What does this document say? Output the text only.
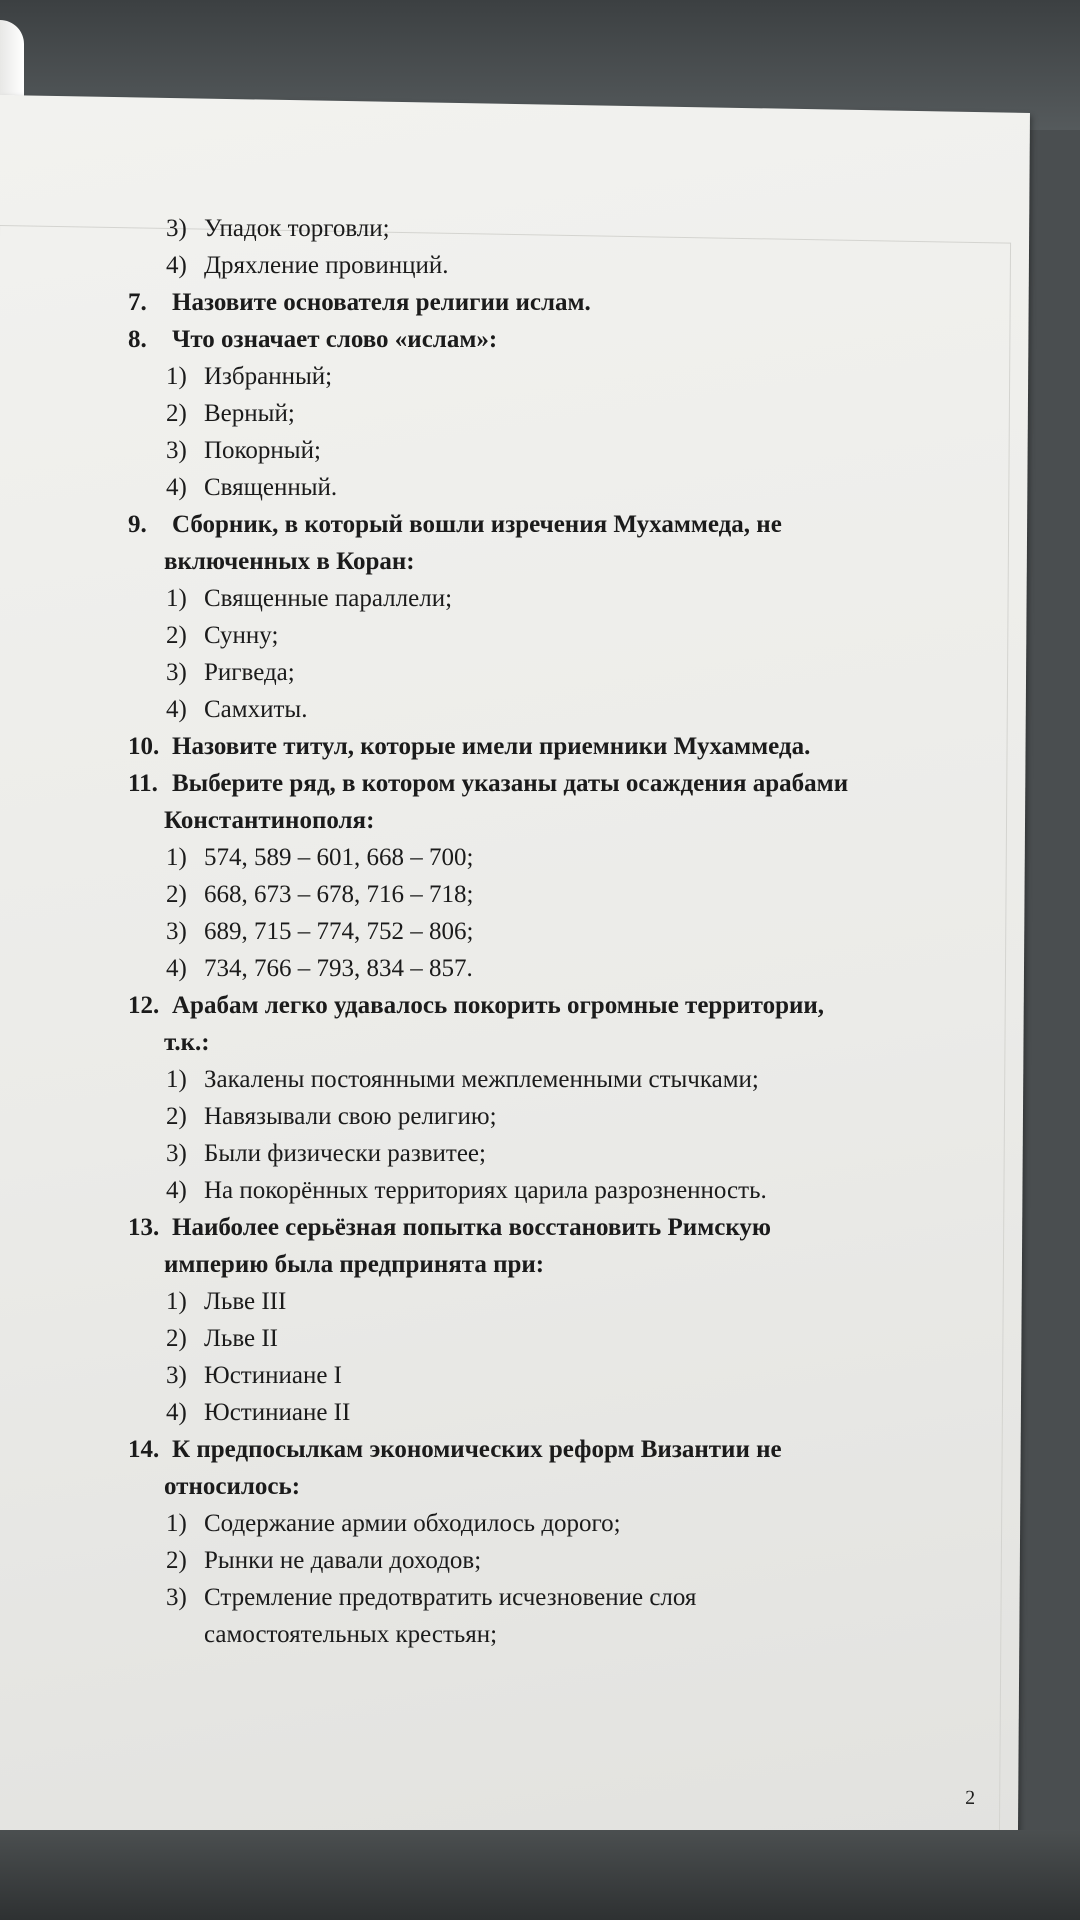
2
3) Упадок торговли;
4) Дряхление провинций.
7. Назовите основателя религии ислам.
8. Что означает слово «ислам»:
1) Избранный;
2) Верный;
3) Покорный;
4) Священный.
9. Сборник, в который вошли изречения Мухаммеда, не
включенных в Коран:
1) Священные параллели;
2) Сунну;
3) Ригведа;
4) Самхиты.
10. Назовите титул, которые имели приемники Мухаммеда.
11. Выберите ряд, в котором указаны даты осаждения арабами
Константинополя:
1) 574, 589 – 601, 668 – 700;
2) 668, 673 – 678, 716 – 718;
3) 689, 715 – 774, 752 – 806;
4) 734, 766 – 793, 834 – 857.
12. Арабам легко удавалось покорить огромные территории,
т.к.:
1) Закалены постоянными межплеменными стычками;
2) Навязывали свою религию;
3) Были физически развитее;
4) На покорённых территориях царила разрозненность.
13. Наиболее серьёзная попытка восстановить Римскую
империю была предпринята при:
1) Льве III
2) Льве II
3) Юстиниане I
4) Юстиниане II
14. К предпосылкам экономических реформ Византии не
относилось:
1) Содержание армии обходилось дорого;
2) Рынки не давали доходов;
3) Стремление предотвратить исчезновение слоя
самостоятельных крестьян;
